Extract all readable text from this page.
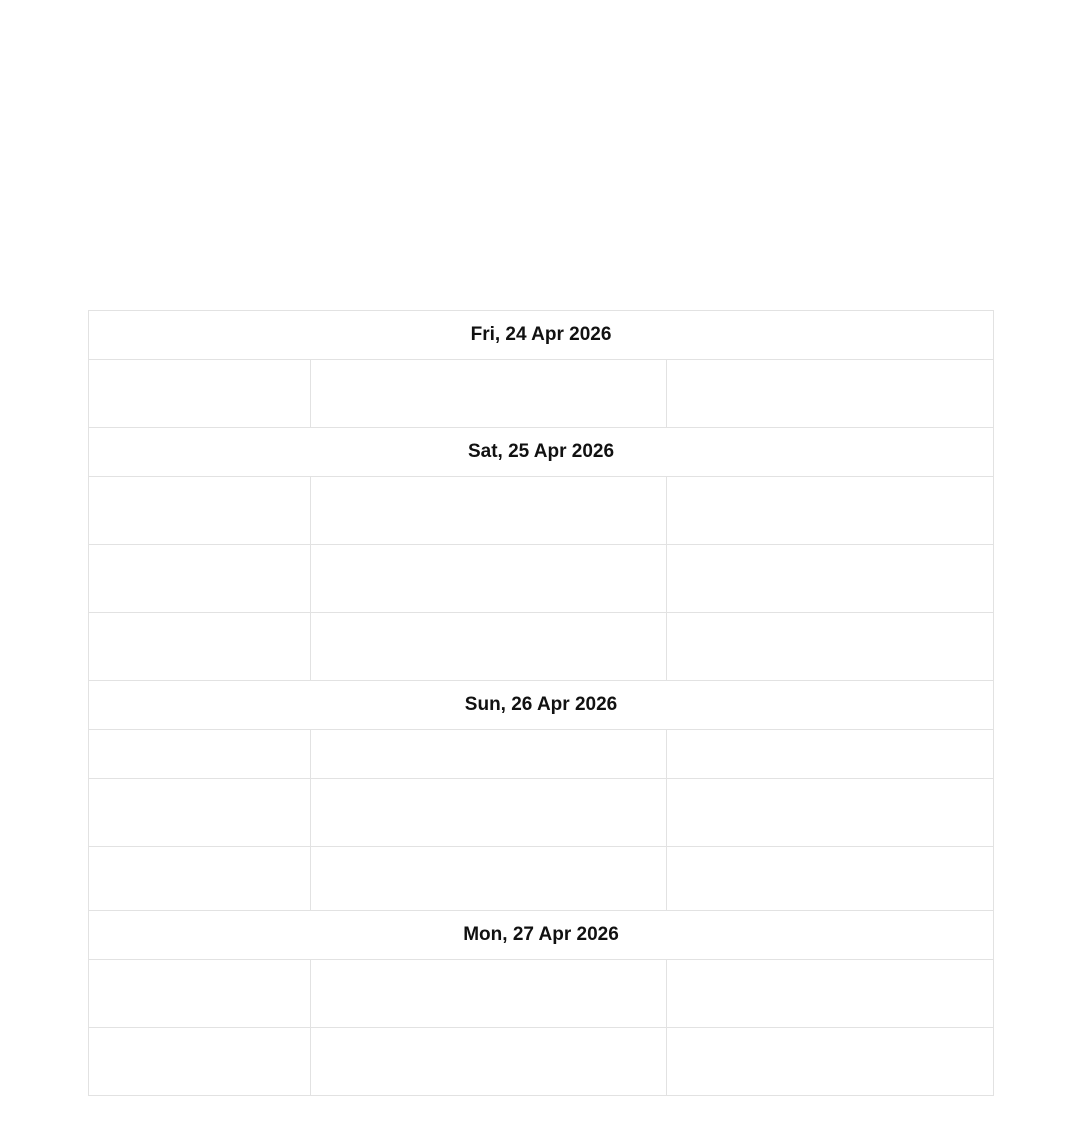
Fri, 24 Apr 2026		

Sat, 25 Apr 2026		

Sun, 26 Apr 2026		

Mon, 27 Apr 2026		
